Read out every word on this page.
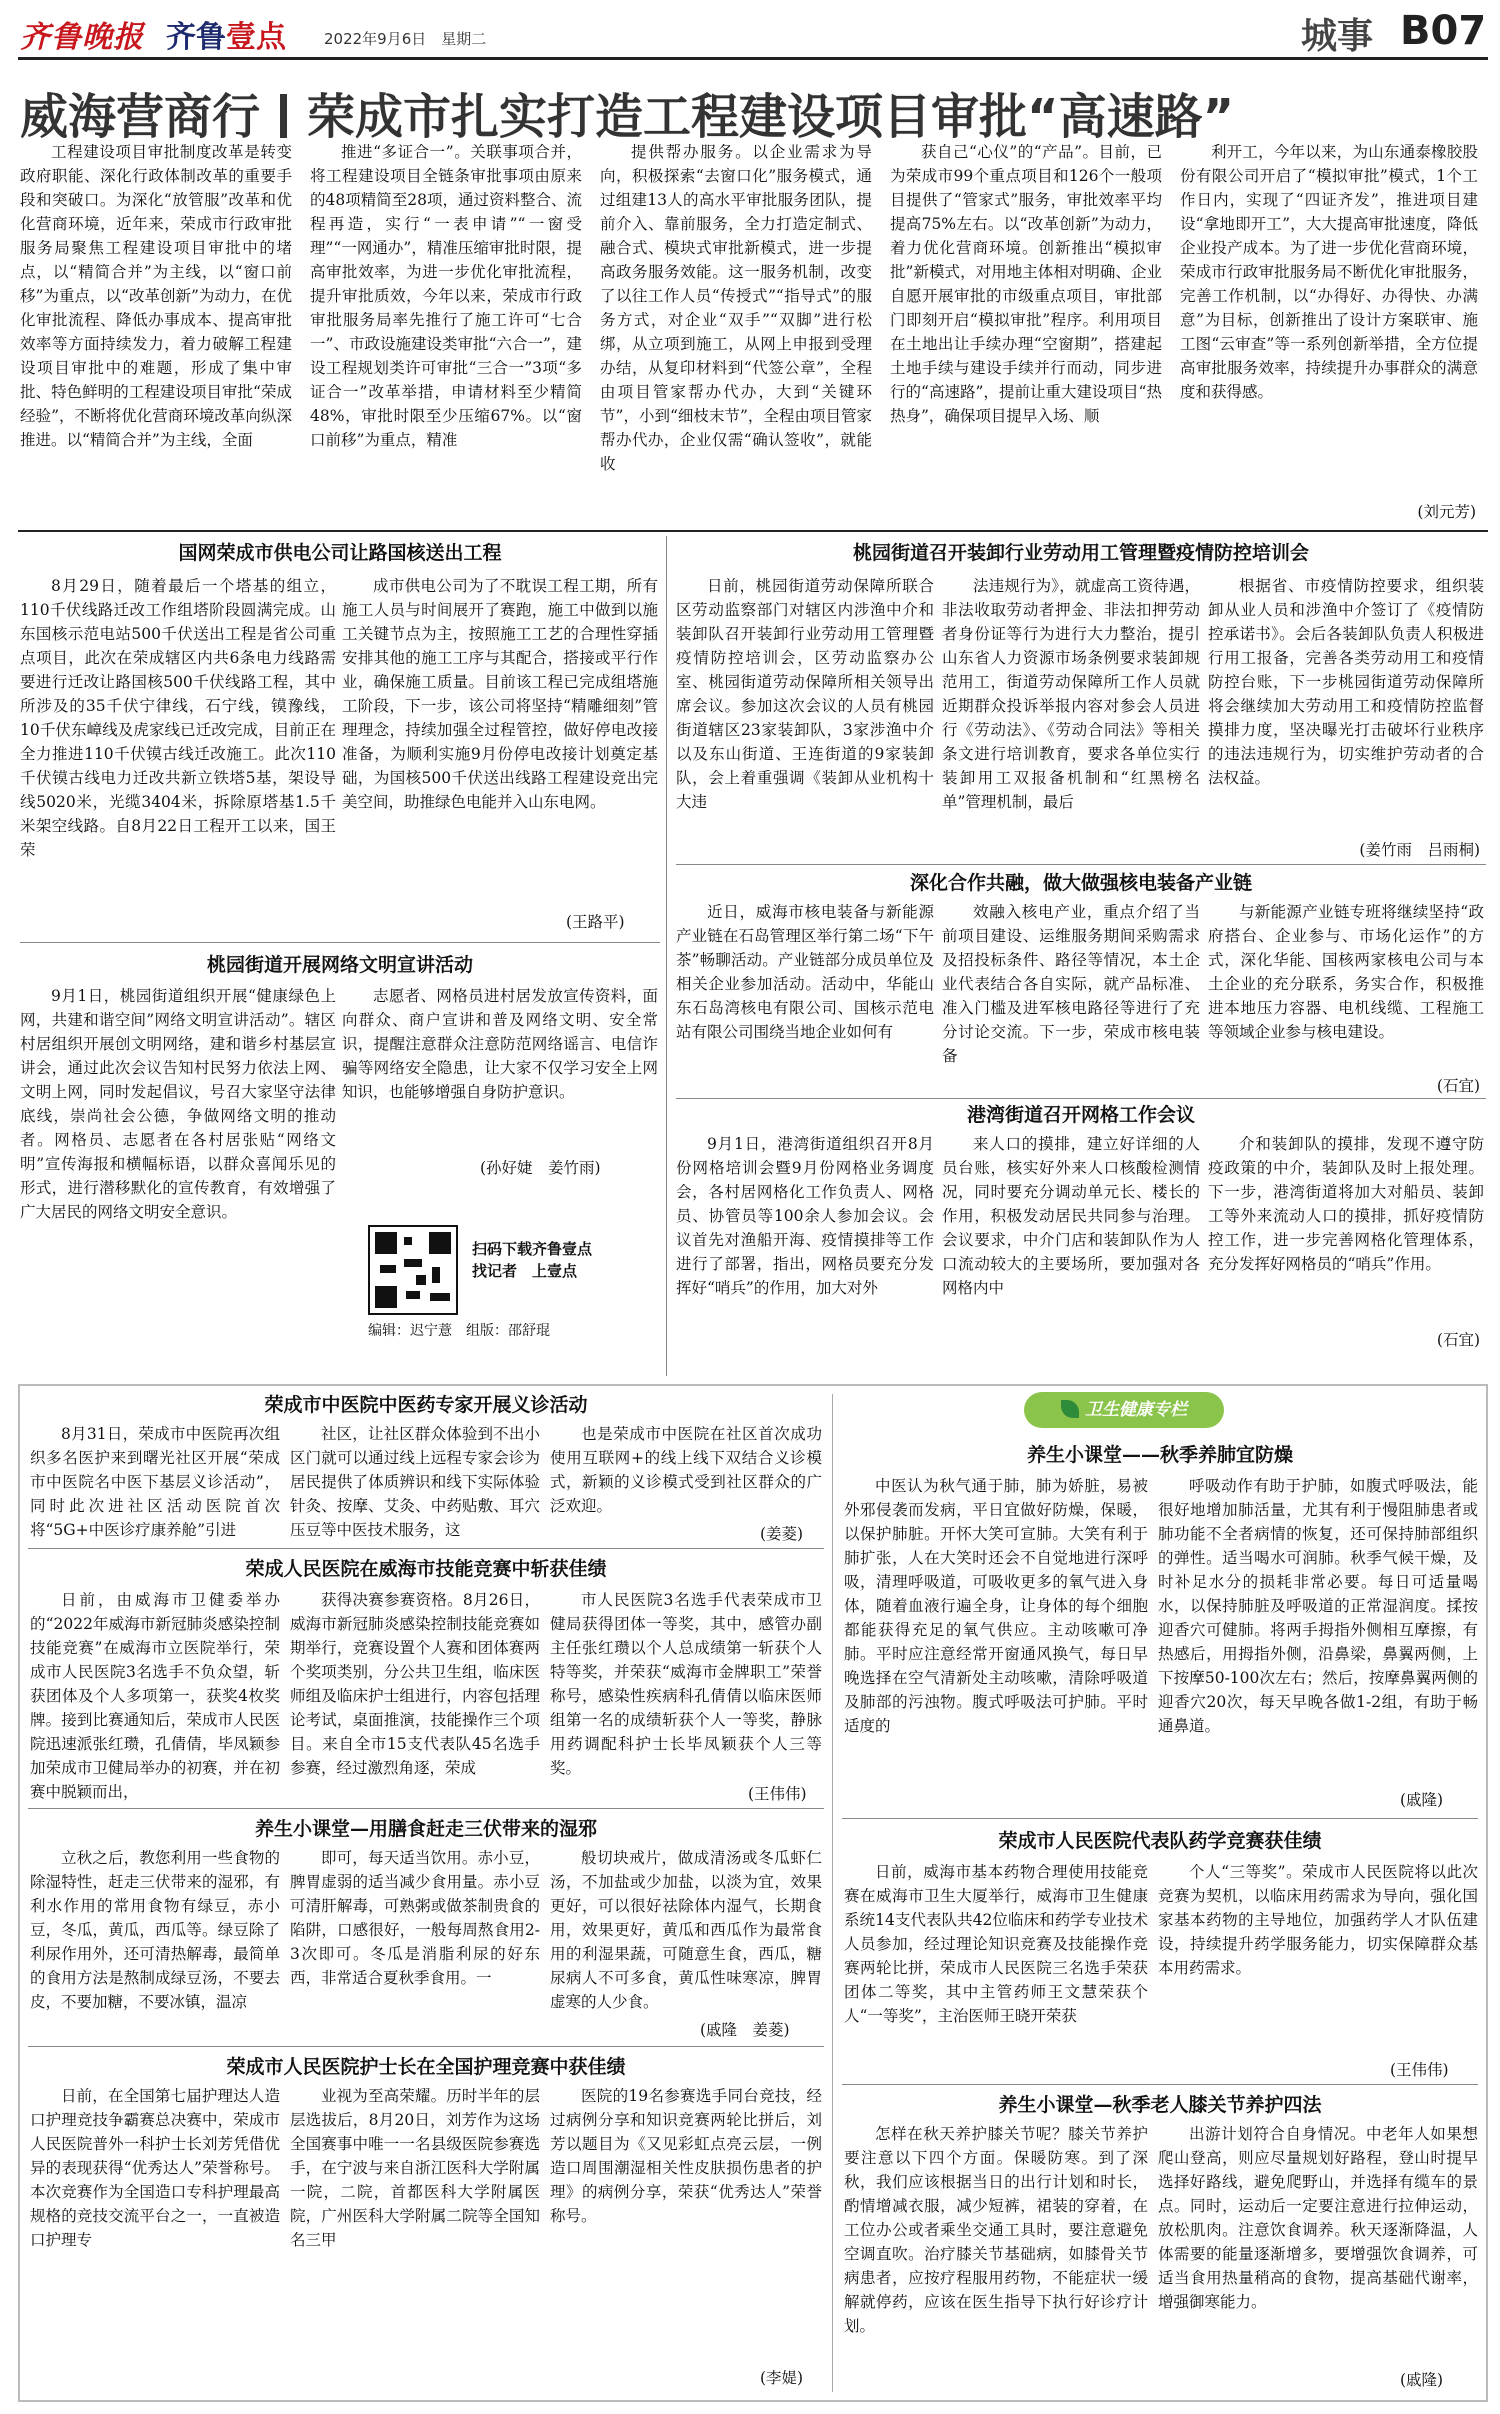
齐鲁晚报 齐鲁壹点	2022年9月6日　星期二	城事 B07
威海营商行 荣成市扎实打造工程建设项目审批“高速路”

工程建设项目审批制度改革是转变政府职能、深化行政体制改革的重要手段和突破口。为深化“放管服”改革和优化营商环境，近年来，荣成市行政审批服务局聚焦工程建设项目审批中的堵点，以“精简合并”为主线，以“窗口前移”为重点，以“改革创新”为动力，在优化审批流程、降低办事成本、提高审批效率等方面持续发力，着力破解工程建设项目审批中的难题，形成了集中审批、特色鲜明的工程建设项目审批“荣成经验”，不断将优化营商环境改革向纵深推进。以“精简合并”为主线，全面

推进“多证合一”。关联事项合并，将工程建设项目全链条审批事项由原来的48项精简至28项，通过资料整合、流程再造，实行“一表申请”“一窗受理”“一网通办”，精准压缩审批时限，提高审批效率，为进一步优化审批流程，提升审批质效，今年以来，荣成市行政审批服务局率先推行了施工许可“七合一”、市政设施建设类审批“六合一”，建设工程规划类许可审批“三合一”3项“多证合一”改革举措，申请材料至少精简48%，审批时限至少压缩67%。以“窗口前移”为重点，精准

提供帮办服务。以企业需求为导向，积极探索“去窗口化”服务模式，通过组建13人的高水平审批服务团队，提前介入、靠前服务，全力打造定制式、融合式、模块式审批新模式，进一步提高政务服务效能。这一服务机制，改变了以往工作人员“传授式”“指导式”的服务方式，对企业“双手”“双脚”进行松绑，从立项到施工，从网上申报到受理办结，从复印材料到“代签公章”，全程由项目管家帮办代办，大到“关键环节”，小到“细枝末节”，全程由项目管家帮办代办，企业仅需“确认签收”，就能收

获自己“心仪”的“产品”。目前，已为荣成市99个重点项目和126个一般项目提供了“管家式”服务，审批效率平均提高75%左右。以“改革创新”为动力，着力优化营商环境。创新推出“模拟审批”新模式，对用地主体相对明确、企业自愿开展审批的市级重点项目，审批部门即刻开启“模拟审批”程序。利用项目在土地出让手续办理“空窗期”，搭建起土地手续与建设手续并行而动，同步进行的“高速路”，提前让重大建设项目“热热身”，确保项目提早入场、顺

利开工，今年以来，为山东通泰橡胶股份有限公司开启了“模拟审批”模式，1个工作日内，实现了“四证齐发”，推进项目建设“拿地即开工”，大大提高审批速度，降低企业投产成本。为了进一步优化营商环境，荣成市行政审批服务局不断优化审批服务，完善工作机制，以“办得好、办得快、办满意”为目标，创新推出了设计方案联审、施工图“云审查”等一系列创新举措，全方位提高审批服务效率，持续提升办事群众的满意度和获得感。

(刘元芳)
国网荣成市供电公司让路国核送出工程

8月29日，随着最后一个塔基的组立，110千伏线路迁改工作组塔阶段圆满完成。山东国核示范电站500千伏送出工程是省公司重点项目，此次在荣成辖区内共6条电力线路需要进行迁改让路国核500千伏线路工程，其中所涉及的35千伏宁律线，石宁线，镆豫线，10千伏东嶂线及虎家线已迁改完成，目前正在全力推进110千伏镆古线迁改施工。此次110千伏镆古线电力迁改共新立铁塔5基，架设导线5020米，光缆3404米，拆除原塔基1.5千米架空线路。自8月22日工程开工以来，国王荣

成市供电公司为了不耽误工程工期，所有施工人员与时间展开了赛跑，施工中做到以施工关键节点为主，按照施工工艺的合理性穿插安排其他的施工工序与其配合，搭接或平行作业，确保施工质量。目前该工程已完成组塔施工阶段，下一步，该公司将坚持“精雕细刻”管理理念，持续加强全过程管控，做好停电改接准备，为顺利实施9月份停电改接计划奠定基础，为国核500千伏送出线路工程建设竞出完美空间，助推绿色电能并入山东电网。

(王路平)
桃园街道开展网络文明宣讲活动

9月1日，桃园街道组织开展“健康绿色上网，共建和谐空间”网络文明宣讲活动”。辖区村居组织开展创文明网络，建和谐乡村基层宣讲会，通过此次会议告知村民努力依法上网、文明上网，同时发起倡议，号召大家坚守法律底线，崇尚社会公德，争做网络文明的推动者。网格员、志愿者在各村居张贴“网络文明”宣传海报和横幅标语，以群众喜闻乐见的形式，进行潜移默化的宣传教育，有效增强了广大居民的网络文明安全意识。

志愿者、网格员进村居发放宣传资料，面向群众、商户宣讲和普及网络文明、安全常识，提醒注意群众注意防范网络谣言、电信诈骗等网络安全隐患，让大家不仅学习安全上网知识，也能够增强自身防护意识。

(孙好婕　姜竹雨)
扫码下载齐鲁壹点
找记者　上壹点
编辑：迟宁薏　组版：邵舒琨
桃园街道召开装卸行业劳动用工管理暨疫情防控培训会

日前，桃园街道劳动保障所联合区劳动监察部门对辖区内涉渔中介和装卸队召开装卸行业劳动用工管理暨疫情防控培训会，区劳动监察办公室、桃园街道劳动保障所相关领导出席会议。参加这次会议的人员有桃园街道辖区23家装卸队，3家涉渔中介以及东山街道、王连街道的9家装卸队，会上着重强调《装卸从业机构十大违

法违规行为》，就虚高工资待遇，非法收取劳动者押金、非法扣押劳动者身份证等行为进行大力整治，提引山东省人力资源市场条例要求装卸规范用工，街道劳动保障所工作人员就近期群众投诉举报内容对参会人员进行《劳动法》、《劳动合同法》等相关条文进行培训教育，要求各单位实行装卸用工双报备机制和“红黑榜名单”管理机制，最后

根据省、市疫情防控要求，组织装卸从业人员和涉渔中介签订了《疫情防控承诺书》。会后各装卸队负责人积极进行用工报备，完善各类劳动用工和疫情防控台账，下一步桃园街道劳动保障所将会继续加大劳动用工和疫情防控监督摸排力度，坚决曝光打击破坏行业秩序的违法违规行为，切实维护劳动者的合法权益。

(姜竹雨　吕雨桐)
深化合作共融，做大做强核电装备产业链

近日，威海市核电装备与新能源产业链在石岛管理区举行第二场“下午茶”畅聊活动。产业链部分成员单位及相关企业参加活动。活动中，华能山东石岛湾核电有限公司、国核示范电站有限公司围绕当地企业如何有

效融入核电产业，重点介绍了当前项目建设、运维服务期间采购需求及招投标条件、路径等情况，本土企业代表结合各自实际，就产品标准、准入门槛及进军核电路径等进行了充分讨论交流。下一步，荣成市核电装备

与新能源产业链专班将继续坚持“政府搭台、企业参与、市场化运作”的方式，深化华能、国核两家核电公司与本土企业的充分联系，务实合作，积极推进本地压力容器、电机线缆、工程施工等领域企业参与核电建设。

(石宜)
港湾街道召开网格工作会议

9月1日，港湾街道组织召开8月份网格培训会暨9月份网格业务调度会，各村居网格化工作负责人、网格员、协管员等100余人参加会议。会议首先对渔船开海、疫情摸排等工作进行了部署，指出，网格员要充分发挥好“哨兵”的作用，加大对外

来人口的摸排，建立好详细的人员台账，核实好外来人口核酸检测情况，同时要充分调动单元长、楼长的作用，积极发动居民共同参与治理。会议要求，中介门店和装卸队作为人口流动较大的主要场所，要加强对各网格内中

介和装卸队的摸排，发现不遵守防疫政策的中介，装卸队及时上报处理。下一步，港湾街道将加大对船员、装卸工等外来流动人口的摸排，抓好疫情防控工作，进一步完善网格化管理体系，充分发挥好网格员的“哨兵”作用。

(石宜)
卫生健康专栏
荣成市中医院中医药专家开展义诊活动

8月31日，荣成市中医院再次组织多名医护来到曙光社区开展“荣成市中医院名中医下基层义诊活动”，同时此次进社区活动医院首次将“5G+中医诊疗康养舱”引进

社区，让社区群众体验到不出小区门就可以通过线上远程专家会诊为居民提供了体质辨识和线下实际体验针灸、按摩、艾灸、中药贴敷、耳穴压豆等中医技术服务，这

也是荣成市中医院在社区首次成功使用互联网+的线上线下双结合义诊模式，新颖的义诊模式受到社区群众的广泛欢迎。

(姜菱)
荣成人民医院在威海市技能竞赛中斩获佳绩

日前，由威海市卫健委举办的“2022年威海市新冠肺炎感染控制技能竞赛”在威海市立医院举行，荣成市人民医院3名选手不负众望，斩获团体及个人多项第一，获奖4枚奖牌。接到比赛通知后，荣成市人民医院迅速派张红瓒，孔倩倩，毕凤颖参加荣成市卫健局举办的初赛，并在初赛中脱颖而出，

获得决赛参赛资格。8月26日，威海市新冠肺炎感染控制技能竞赛如期举行，竞赛设置个人赛和团体赛两个奖项类别，分公共卫生组，临床医师组及临床护士组进行，内容包括理论考试，桌面推演，技能操作三个项目。来自全市15支代表队45名选手参赛，经过激烈角逐，荣成

市人民医院3名选手代表荣成市卫健局获得团体一等奖，其中，感管办副主任张红瓒以个人总成绩第一斩获个人特等奖，并荣获“威海市金牌职工”荣誉称号，感染性疾病科孔倩倩以临床医师组第一名的成绩斩获个人一等奖，静脉用药调配科护士长毕凤颖获个人三等奖。

(王伟伟)
养生小课堂—用膳食赶走三伏带来的湿邪

立秋之后，教您利用一些食物的除湿特性，赶走三伏带来的湿邪，有利水作用的常用食物有绿豆，赤小豆，冬瓜，黄瓜，西瓜等。绿豆除了利尿作用外，还可清热解毒，最简单的食用方法是熬制成绿豆汤，不要去皮，不要加糖，不要冰镇，温凉

即可，每天适当饮用。赤小豆，脾胃虚弱的适当减少食用量。赤小豆可清肝解毒，可熟粥或做茶制贵食的陷阱，口感很好，一般每周熬食用2-3次即可。冬瓜是消脂利尿的好东西，非常适合夏秋季食用。一

般切块戒片，做成清汤或冬瓜虾仁汤，不加盐或少加盐，以淡为宜，效果更好，可以很好祛除体内湿气，长期食用，效果更好，黄瓜和西瓜作为最常食用的利湿果蔬，可随意生食，西瓜，糖尿病人不可多食，黄瓜性味寒凉，脾胃虚寒的人少食。

(戚隆　姜菱)
荣成市人民医院护士长在全国护理竞赛中获佳绩

日前，在全国第七届护理达人造口护理竞技争霸赛总决赛中，荣成市人民医院普外一科护士长刘芳凭借优异的表现获得“优秀达人”荣誉称号。本次竞赛作为全国造口专科护理最高规格的竞技交流平台之一，一直被造口护理专

业视为至高荣耀。历时半年的层层选拔后，8月20日，刘芳作为这场全国赛事中唯一一名县级医院参赛选手，在宁波与来自浙江医科大学附属一院，二院，首都医科大学附属医院，广州医科大学附属二院等全国知名三甲

医院的19名参赛选手同台竞技，经过病例分享和知识竞赛两轮比拼后，刘芳以题目为《又见彩虹点亮云层，一例造口周围潮湿相关性皮肤损伤患者的护理》的病例分享，荣获“优秀达人”荣誉称号。

(李媞)
养生小课堂——秋季养肺宜防燥

中医认为秋气通于肺，肺为娇脏，易被外邪侵袭而发病，平日宜做好防燥，保暖，以保护肺脏。开怀大笑可宣肺。大笑有利于肺扩张，人在大笑时还会不自觉地进行深呼吸，清理呼吸道，可吸收更多的氧气进入身体，随着血液行遍全身，让身体的每个细胞都能获得充足的氧气供应。主动咳嗽可净肺。平时应注意经常开窗通风换气，每日早晚选择在空气清新处主动咳嗽，清除呼吸道及肺部的污浊物。腹式呼吸法可护肺。平时适度的

呼吸动作有助于护肺，如腹式呼吸法，能很好地增加肺活量，尤其有利于慢阻肺患者或肺功能不全者病情的恢复，还可保持肺部组织的弹性。适当喝水可润肺。秋季气候干燥，及时补足水分的损耗非常必要。每日可适量喝水，以保持肺脏及呼吸道的正常湿润度。揉按迎香穴可健肺。将两手拇指外侧相互摩擦，有热感后，用拇指外侧，沿鼻梁，鼻翼两侧，上下按摩50-100次左右；然后，按摩鼻翼两侧的迎香穴20次，每天早晚各做1-2组，有助于畅通鼻道。

(戚隆)
荣成市人民医院代表队药学竞赛获佳绩

日前，威海市基本药物合理使用技能竞赛在威海市卫生大厦举行，威海市卫生健康系统14支代表队共42位临床和药学专业技术人员参加，经过理论知识竞赛及技能操作竞赛两轮比拼，荣成市人民医院三名选手荣获团体二等奖，其中主管药师王文慧荣获个人“一等奖”，主治医师王晓开荣获

个人“三等奖”。荣成市人民医院将以此次竞赛为契机，以临床用药需求为导向，强化国家基本药物的主导地位，加强药学人才队伍建设，持续提升药学服务能力，切实保障群众基本用药需求。

(王伟伟)
养生小课堂—秋季老人膝关节养护四法

怎样在秋天养护膝关节呢？膝关节养护要注意以下四个方面。保暖防寒。到了深秋，我们应该根据当日的出行计划和时长，酌情增减衣服，减少短裤，裙装的穿着，在工位办公或者乘坐交通工具时，要注意避免空调直吹。治疗膝关节基础病，如膝骨关节病患者，应按疗程服用药物，不能症状一缓解就停药，应该在医生指导下执行好诊疗计划。

出游计划符合自身情况。中老年人如果想爬山登高，则应尽量规划好路程，登山时提早选择好路线，避免爬野山，并选择有缆车的景点。同时，运动后一定要注意进行拉伸运动，放松肌肉。注意饮食调养。秋天逐渐降温，人体需要的能量逐渐增多，要增强饮食调养，可适当食用热量稍高的食物，提高基础代谢率，增强御寒能力。

(戚隆)
